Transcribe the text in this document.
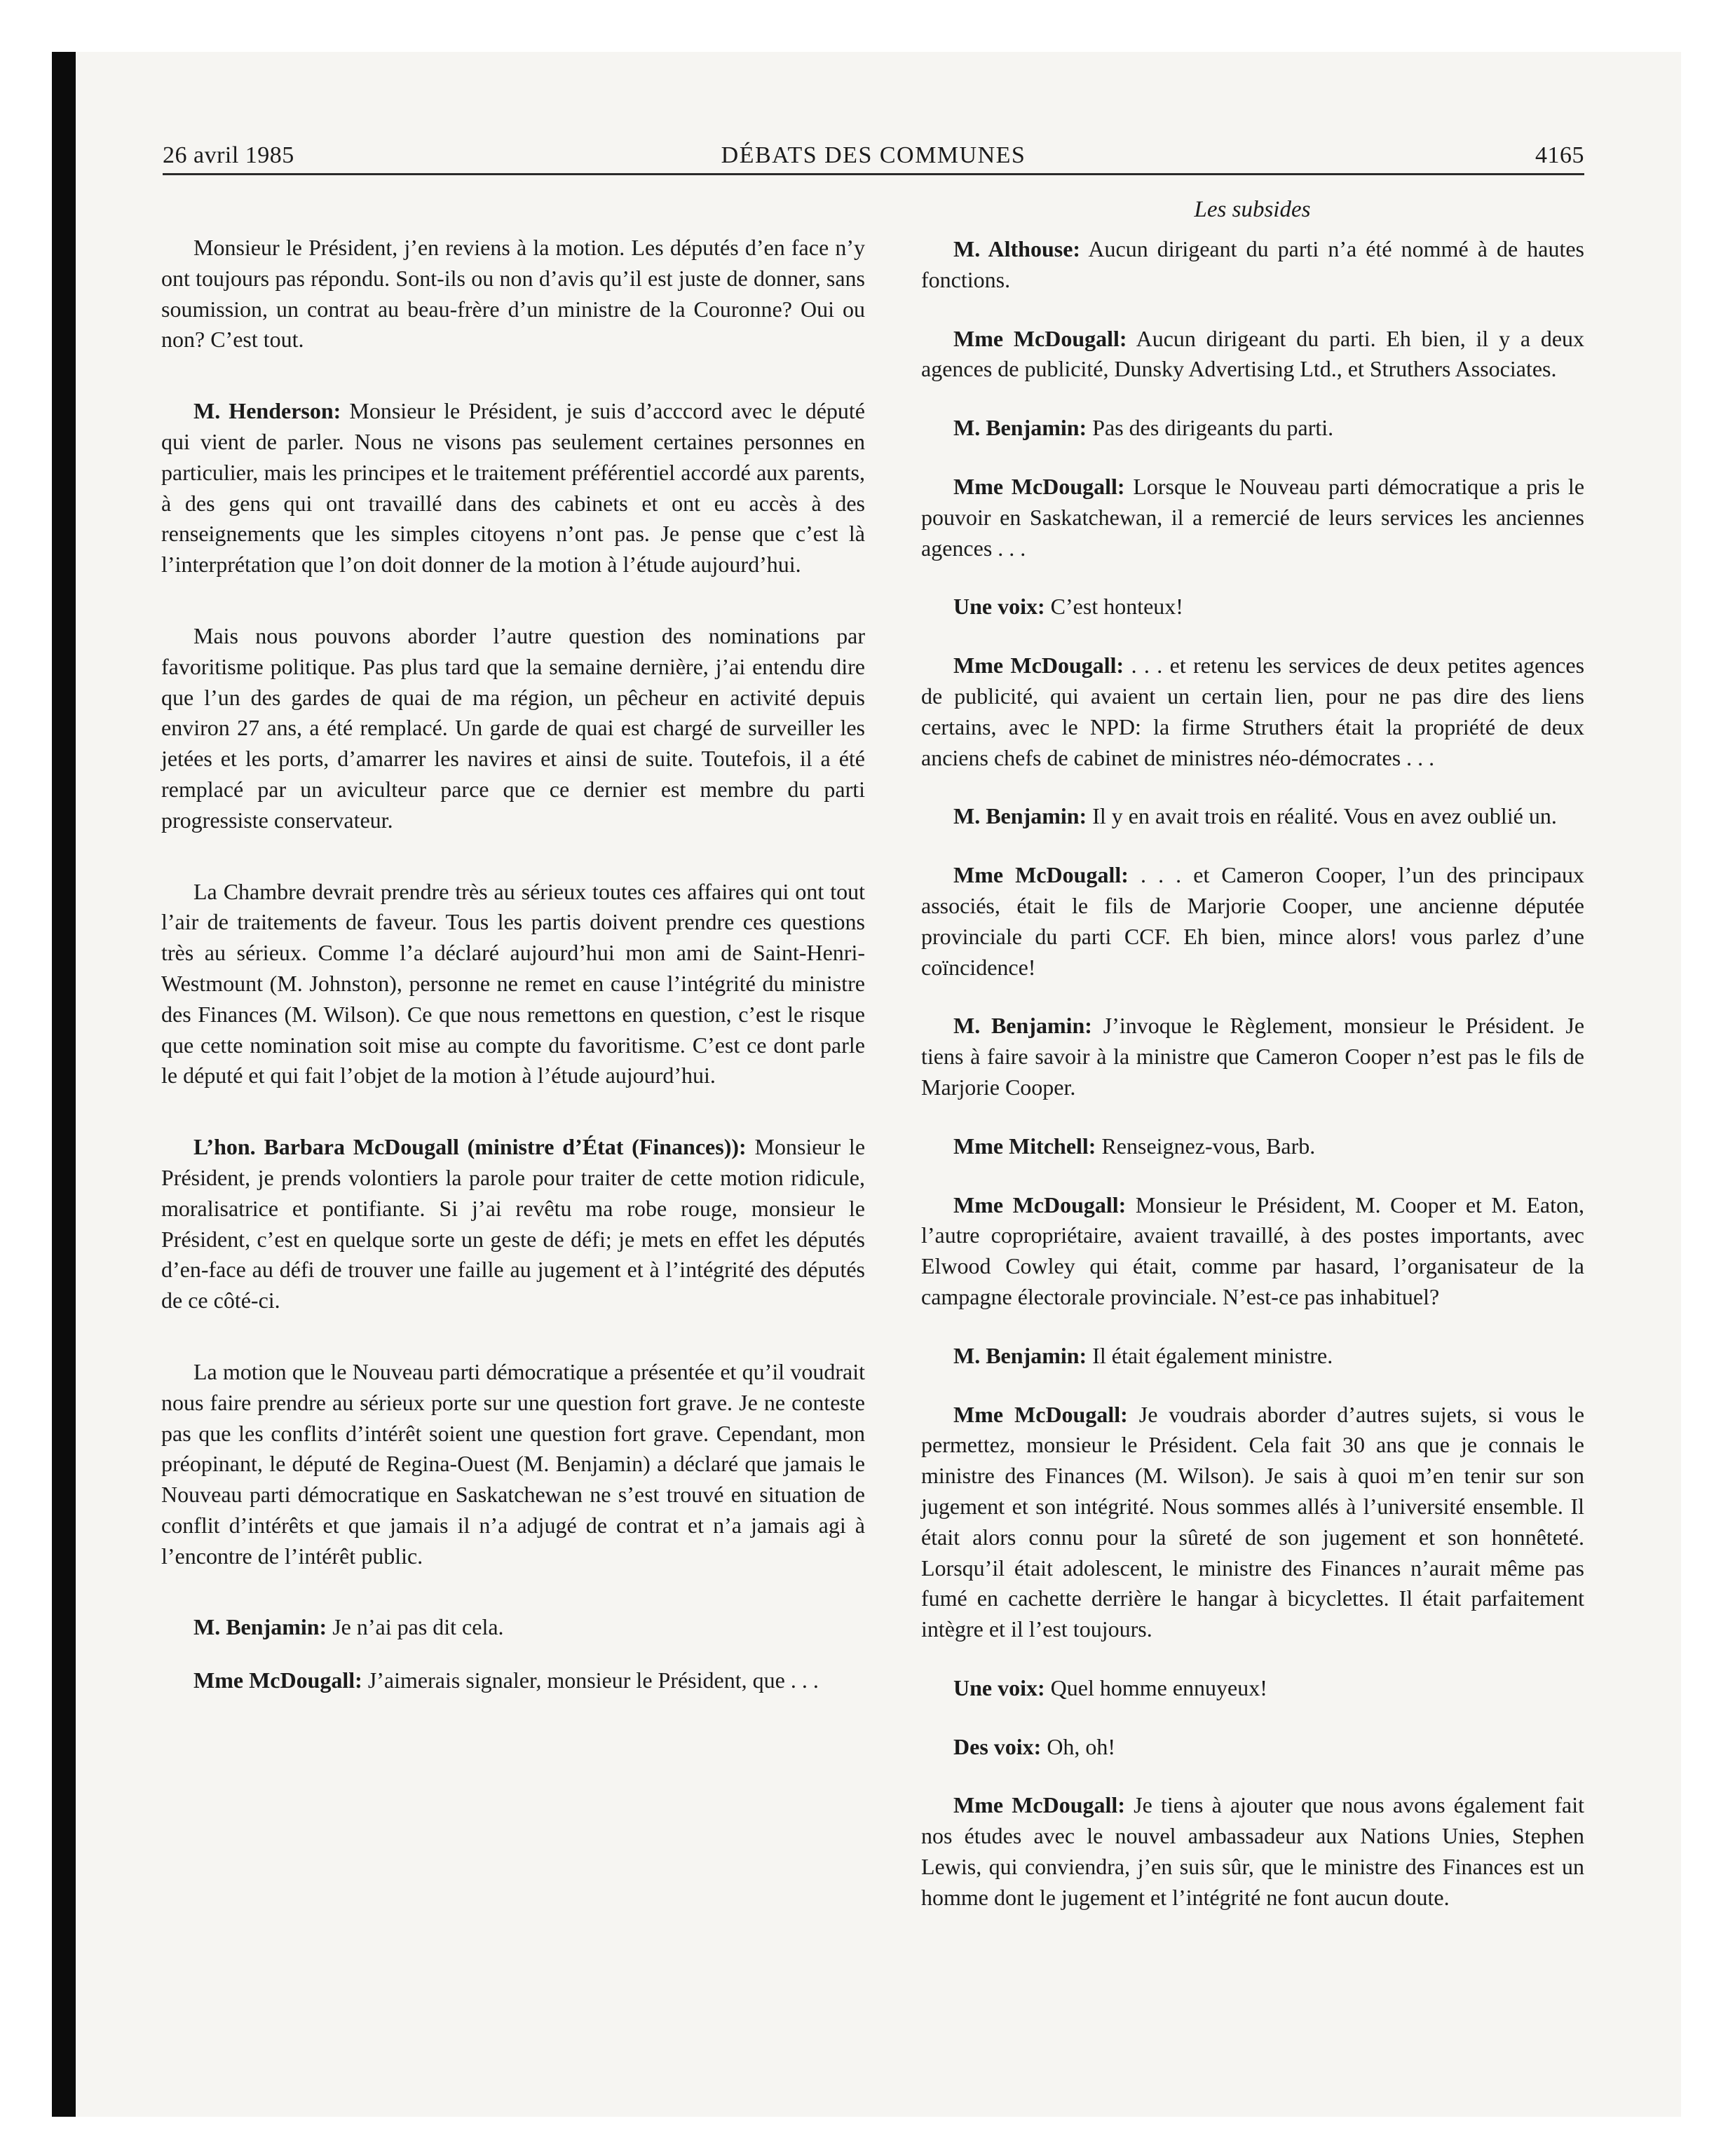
26 avril 1985	DÉBATS DES COMMUNES	4165
Les subsides

Monsieur le Président, j’en reviens à la motion. Les députés d’en face n’y ont toujours pas répondu. Sont-ils ou non d’avis qu’il est juste de donner, sans soumission, un contrat au beau-frère d’un ministre de la Couronne? Oui ou non? C’est tout.

M. Henderson: Monsieur le Président, je suis d’acccord avec le député qui vient de parler. Nous ne visons pas seulement certaines personnes en particulier, mais les principes et le traitement préférentiel accordé aux parents, à des gens qui ont travaillé dans des cabinets et ont eu accès à des renseignements que les simples citoyens n’ont pas. Je pense que c’est là l’interprétation que l’on doit donner de la motion à l’étude aujourd’hui.

Mais nous pouvons aborder l’autre question des nominations par favoritisme politique. Pas plus tard que la semaine dernière, j’ai entendu dire que l’un des gardes de quai de ma région, un pêcheur en activité depuis environ 27 ans, a été remplacé. Un garde de quai est chargé de surveiller les jetées et les ports, d’amarrer les navires et ainsi de suite. Toutefois, il a été remplacé par un aviculteur parce que ce dernier est membre du parti progressiste conservateur.

La Chambre devrait prendre très au sérieux toutes ces affaires qui ont tout l’air de traitements de faveur. Tous les partis doivent prendre ces questions très au sérieux. Comme l’a déclaré aujourd’hui mon ami de Saint-Henri-Westmount (M. Johnston), personne ne remet en cause l’intégrité du ministre des Finances (M. Wilson). Ce que nous remettons en question, c’est le risque que cette nomination soit mise au compte du favoritisme. C’est ce dont parle le député et qui fait l’objet de la motion à l’étude aujourd’hui.

L’hon. Barbara McDougall (ministre d’État (Finances)): Monsieur le Président, je prends volontiers la parole pour traiter de cette motion ridicule, moralisatrice et pontifiante. Si j’ai revêtu ma robe rouge, monsieur le Président, c’est en quelque sorte un geste de défi; je mets en effet les députés d’en-face au défi de trouver une faille au jugement et à l’intégrité des députés de ce côté-ci.

La motion que le Nouveau parti démocratique a présentée et qu’il voudrait nous faire prendre au sérieux porte sur une question fort grave. Je ne conteste pas que les conflits d’intérêt soient une question fort grave. Cependant, mon préopinant, le député de Regina-Ouest (M. Benjamin) a déclaré que jamais le Nouveau parti démocratique en Saskatchewan ne s’est trouvé en situation de conflit d’intérêts et que jamais il n’a adjugé de contrat et n’a jamais agi à l’encontre de l’intérêt public.

M. Benjamin: Je n’ai pas dit cela.

Mme McDougall: J’aimerais signaler, monsieur le Président, que . . .

M. Althouse: Aucun dirigeant du parti n’a été nommé à de hautes fonctions.

Mme McDougall: Aucun dirigeant du parti. Eh bien, il y a deux agences de publicité, Dunsky Advertising Ltd., et Struthers Associates.

M. Benjamin: Pas des dirigeants du parti.

Mme McDougall: Lorsque le Nouveau parti démocratique a pris le pouvoir en Saskatchewan, il a remercié de leurs services les anciennes agences . . .

Une voix: C’est honteux!

Mme McDougall: . . . et retenu les services de deux petites agences de publicité, qui avaient un certain lien, pour ne pas dire des liens certains, avec le NPD: la firme Struthers était la propriété de deux anciens chefs de cabinet de ministres néo-démocrates . . .

M. Benjamin: Il y en avait trois en réalité. Vous en avez oublié un.

Mme McDougall: . . . et Cameron Cooper, l’un des principaux associés, était le fils de Marjorie Cooper, une ancienne députée provinciale du parti CCF. Eh bien, mince alors! vous parlez d’une coïncidence!

M. Benjamin: J’invoque le Règlement, monsieur le Président. Je tiens à faire savoir à la ministre que Cameron Cooper n’est pas le fils de Marjorie Cooper.

Mme Mitchell: Renseignez-vous, Barb.

Mme McDougall: Monsieur le Président, M. Cooper et M. Eaton, l’autre copropriétaire, avaient travaillé, à des postes importants, avec Elwood Cowley qui était, comme par hasard, l’organisateur de la campagne électorale provinciale. N’est-ce pas inhabituel?

M. Benjamin: Il était également ministre.

Mme McDougall: Je voudrais aborder d’autres sujets, si vous le permettez, monsieur le Président. Cela fait 30 ans que je connais le ministre des Finances (M. Wilson). Je sais à quoi m’en tenir sur son jugement et son intégrité. Nous sommes allés à l’université ensemble. Il était alors connu pour la sûreté de son jugement et son honnêteté. Lorsqu’il était adolescent, le ministre des Finances n’aurait même pas fumé en cachette derrière le hangar à bicyclettes. Il était parfaitement intègre et il l’est toujours.

Une voix: Quel homme ennuyeux!

Des voix: Oh, oh!

Mme McDougall: Je tiens à ajouter que nous avons également fait nos études avec le nouvel ambassadeur aux Nations Unies, Stephen Lewis, qui conviendra, j’en suis sûr, que le ministre des Finances est un homme dont le jugement et l’intégrité ne font aucun doute.
